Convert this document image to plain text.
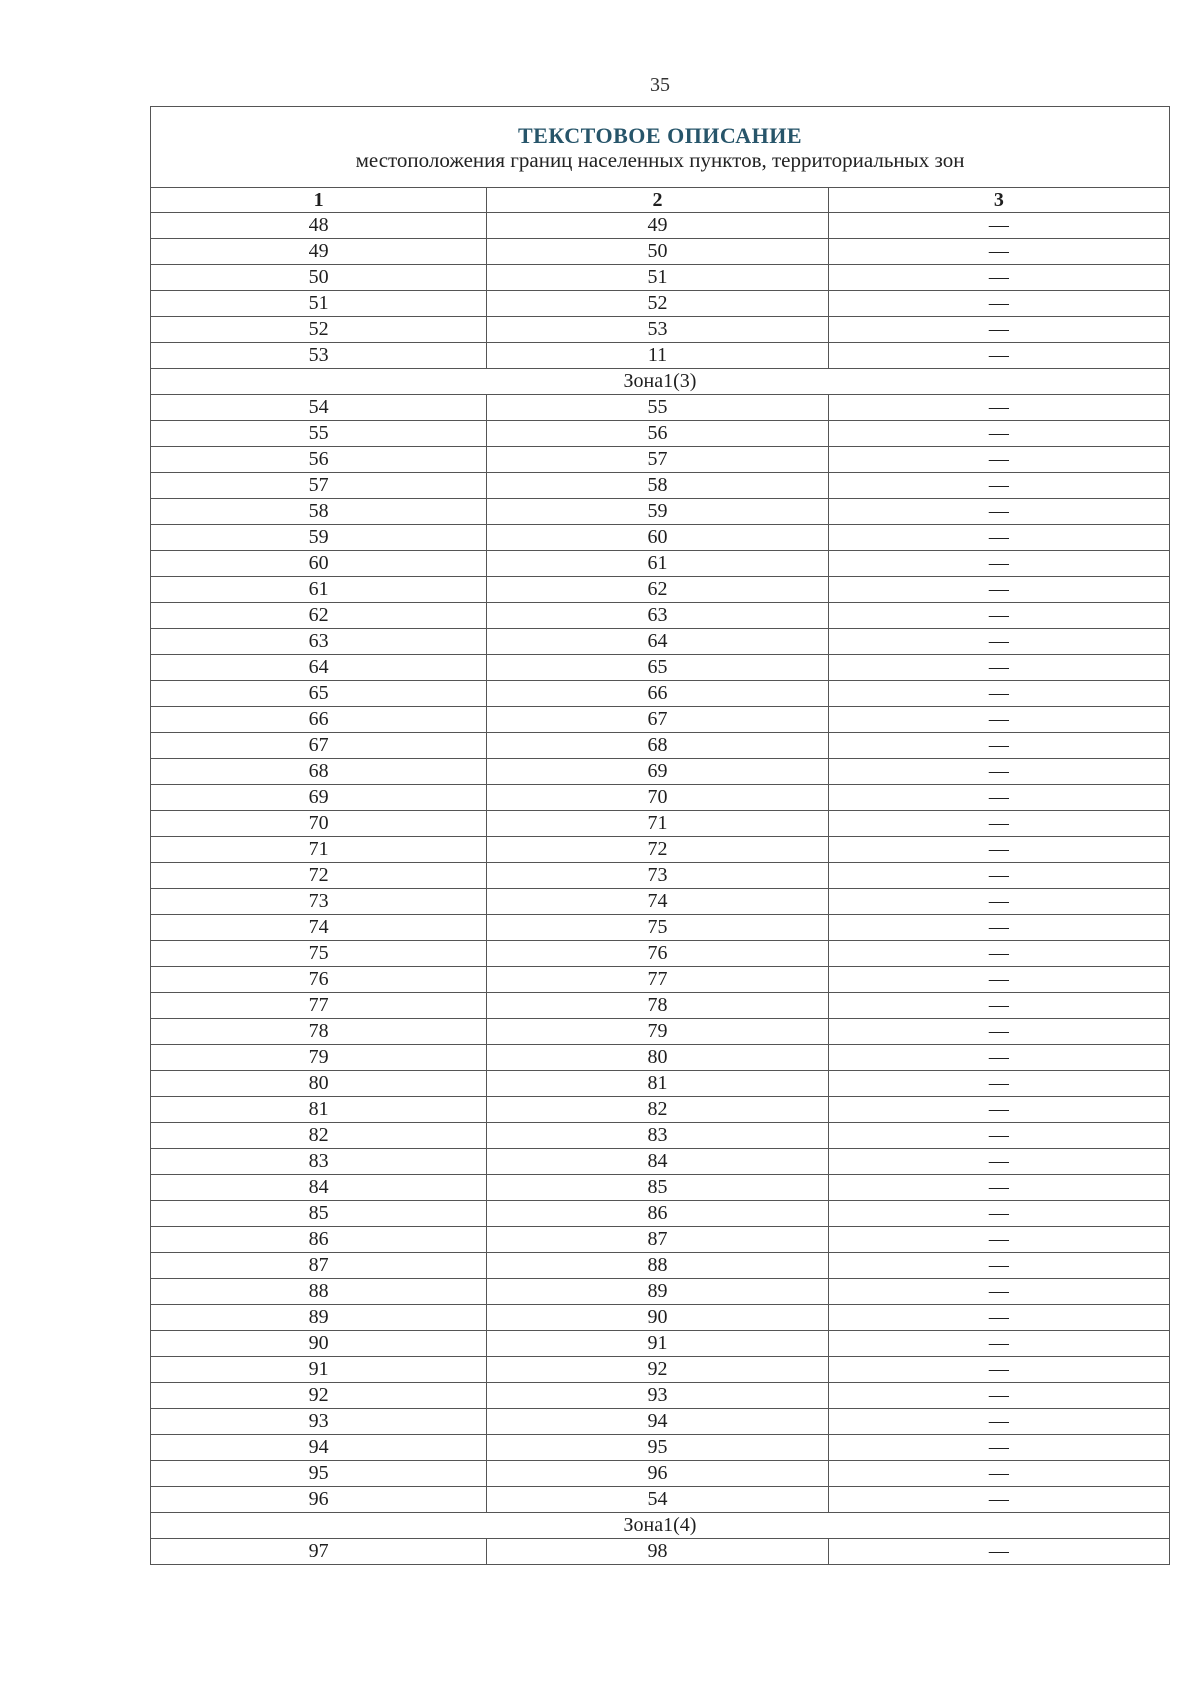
35
ТЕКСТОВОЕ ОПИСАНИЕ
местоположения границ населенных пунктов, территориальных зон		

1	2	3
48	49	—
49	50	—
50	51	—
51	52	—
52	53	—
53	11	—
Зона1(3)		
54	55	—
55	56	—
56	57	—
57	58	—
58	59	—
59	60	—
60	61	—
61	62	—
62	63	—
63	64	—
64	65	—
65	66	—
66	67	—
67	68	—
68	69	—
69	70	—
70	71	—
71	72	—
72	73	—
73	74	—
74	75	—
75	76	—
76	77	—
77	78	—
78	79	—
79	80	—
80	81	—
81	82	—
82	83	—
83	84	—
84	85	—
85	86	—
86	87	—
87	88	—
88	89	—
89	90	—
90	91	—
91	92	—
92	93	—
93	94	—
94	95	—
95	96	—
96	54	—
Зона1(4)		
97	98	—
